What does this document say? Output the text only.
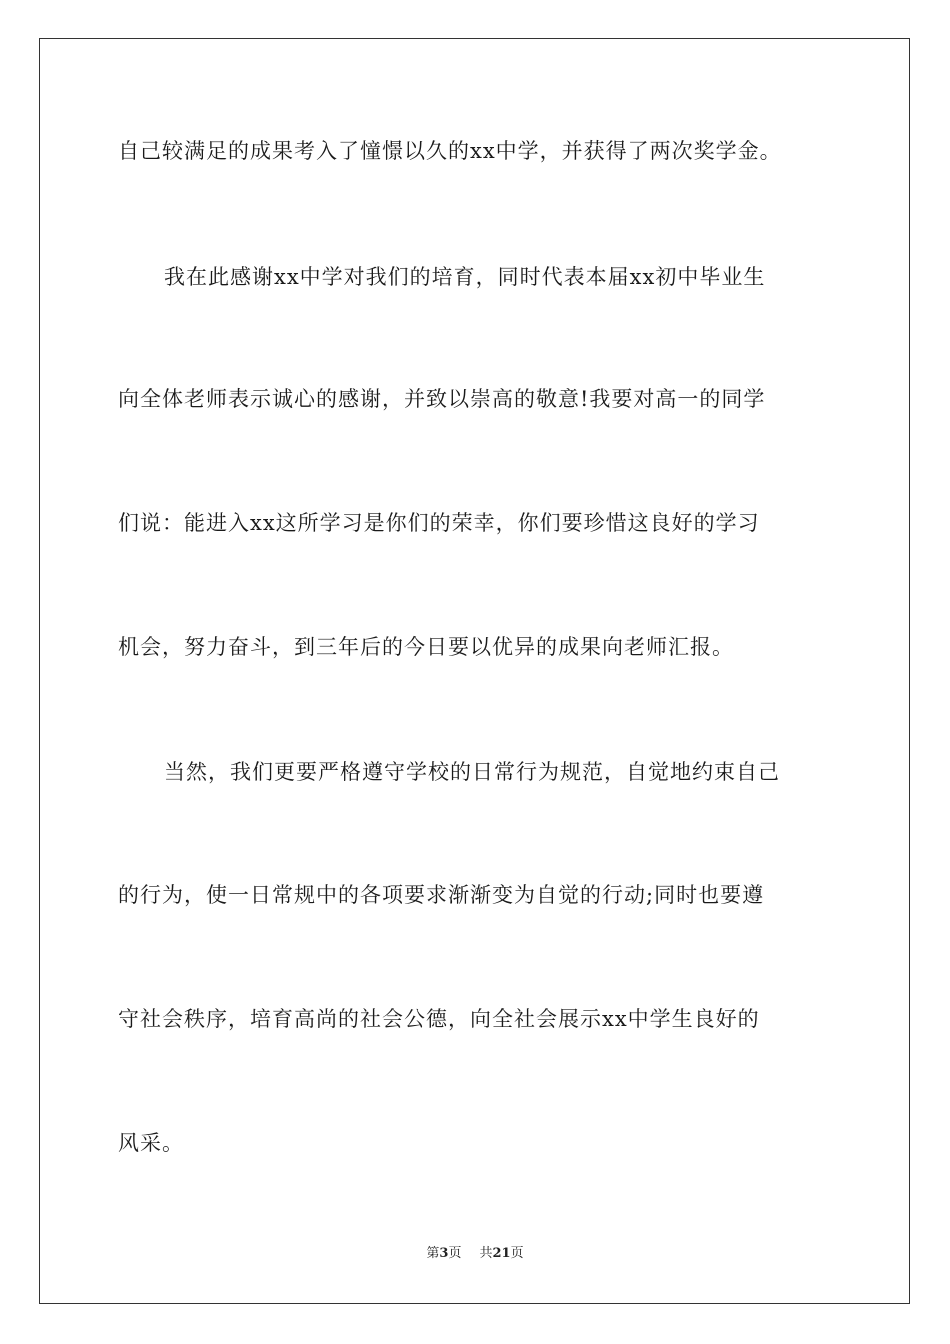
自己较满足的成果考入了憧憬以久的xx中学，并获得了两次奖学金。
我在此感谢xx中学对我们的培育，同时代表本届xx初中毕业生
向全体老师表示诚心的感谢，并致以崇高的敬意!我要对高一的同学
们说：能进入xx这所学习是你们的荣幸，你们要珍惜这良好的学习
机会，努力奋斗，到三年后的今日要以优异的成果向老师汇报。
当然，我们更要严格遵守学校的日常行为规范，自觉地约束自己
的行为，使一日常规中的各项要求渐渐变为自觉的行动;同时也要遵
守社会秩序，培育高尚的社会公德，向全社会展示xx中学生良好的
风采。
第3页 共21页
